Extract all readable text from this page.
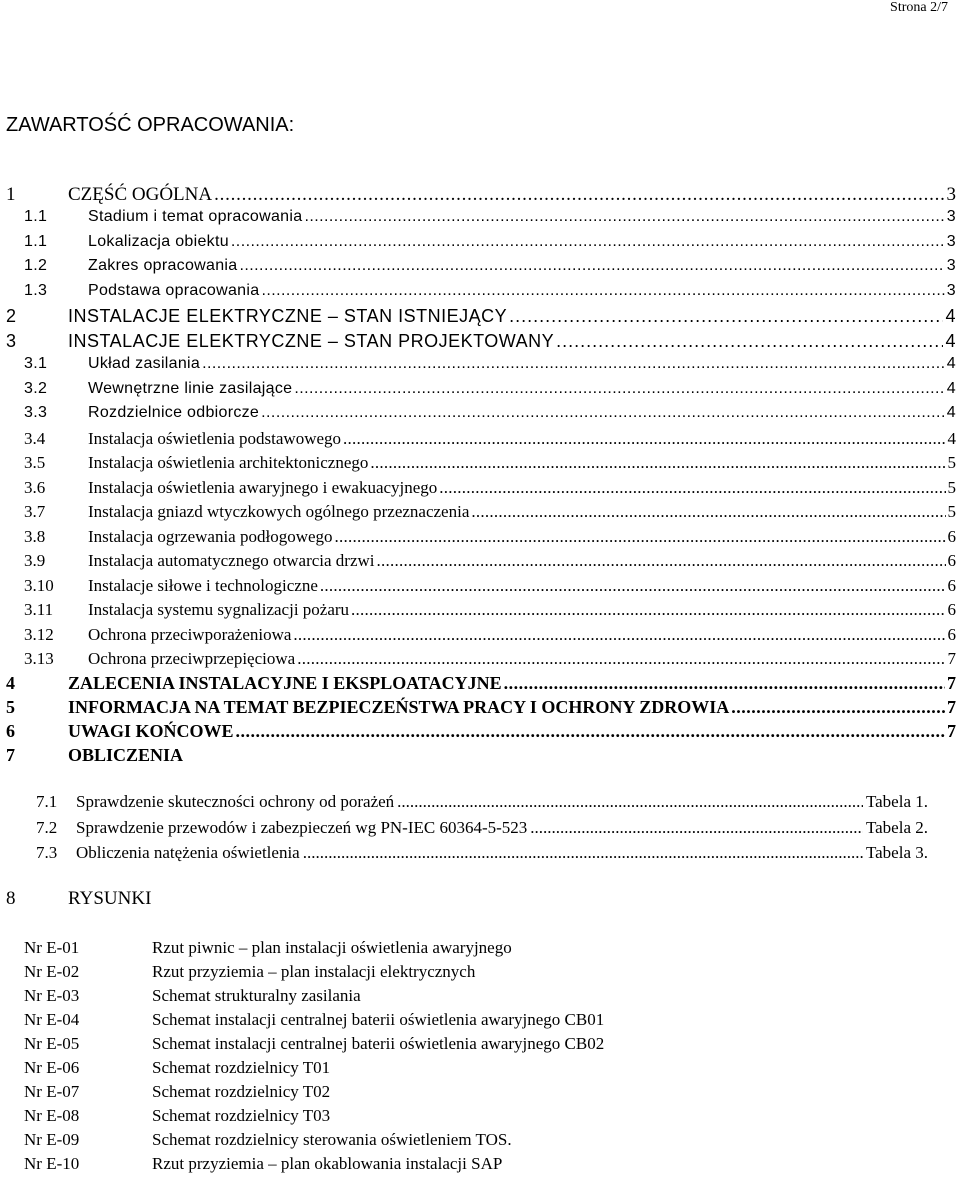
Strona 2/7
ZAWARTOŚĆ OPRACOWANIA:
1	CZĘŚĆ OGÓLNA . . .	3
1.1	Stadium i temat opracowania . . .	3
1.1	Lokalizacja obiektu . . .	3
1.2	Zakres opracowania . . .	3
1.3	Podstawa opracowania . . .	3
2	INSTALACJE ELEKTRYCZNE – STAN ISTNIEJĄCY . . .	4
3	INSTALACJE ELEKTRYCZNE – STAN PROJEKTOWANY . . .	4
3.1	Układ zasilania . . .	4
3.2	Wewnętrzne linie zasilające . . .	4
3.3	Rozdzielnice odbiorcze . . .	4
3.4	Instalacja oświetlenia podstawowego . . .	4
3.5	Instalacja oświetlenia architektonicznego . . .	5
3.6	Instalacja oświetlenia awaryjnego i ewakuacyjnego . . .	5
3.7	Instalacja gniazd wtyczkowych ogólnego przeznaczenia . . .	5
3.8	Instalacja ogrzewania podłogowego . . .	6
3.9	Instalacja automatycznego otwarcia drzwi . . .	6
3.10 Instalacje siłowe i technologiczne . . .	6
3.11 Instalacja systemu sygnalizacji pożaru . . .	6
3.12 Ochrona przeciwporażeniowa . . .	6
3.13 Ochrona przeciwprzepięciowa . . .	7
4	ZALECENIA INSTALACYJNE I EKSPLOATACYJNE . . .	7
5	INFORMACJA NA TEMAT BEZPIECZEŃSTWA PRACY I OCHRONY ZDROWIA . . .	7
6	UWAGI KOŃCOWE . . .	7
7	OBLICZENIA
7.1 Sprawdzenie skuteczności ochrony od porażeń .....	Tabela 1.
7.2 Sprawdzenie przewodów i zabezpieczeń wg PN-IEC 60364-5-523 .....	Tabela 2.
7.3 Obliczenia natężenia oświetlenia .....	Tabela 3.
8	RYSUNKI
Nr E-01	Rzut piwnic – plan instalacji oświetlenia awaryjnego
Nr E-02	Rzut przyziemia – plan instalacji elektrycznych
Nr E-03	Schemat strukturalny zasilania
Nr E-04	Schemat instalacji centralnej baterii oświetlenia awaryjnego CB01
Nr E-05	Schemat instalacji centralnej baterii oświetlenia awaryjnego CB02
Nr E-06	Schemat rozdzielnicy T01
Nr E-07	Schemat rozdzielnicy T02
Nr E-08	Schemat rozdzielnicy T03
Nr E-09	Schemat rozdzielnicy sterowania oświetleniem TOS.
Nr E-10	Rzut przyziemia – plan okablowania instalacji SAP
